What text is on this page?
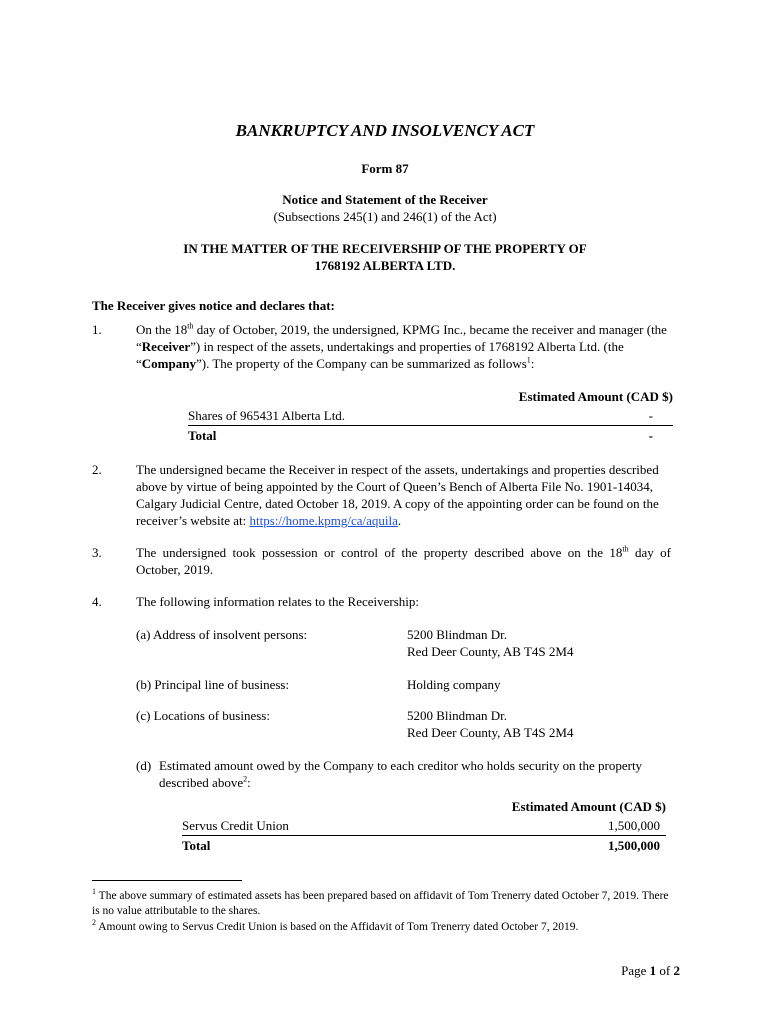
BANKRUPTCY AND INSOLVENCY ACT
Form 87
Notice and Statement of the Receiver
(Subsections 245(1) and 246(1) of the Act)
IN THE MATTER OF THE RECEIVERSHIP OF THE PROPERTY OF
1768192 ALBERTA LTD.
The Receiver gives notice and declares that:
1.	On the 18th day of October, 2019, the undersigned, KPMG Inc., became the receiver and manager (the “Receiver”) in respect of the assets, undertakings and properties of 1768192 Alberta Ltd. (the “Company”). The property of the Company can be summarized as follows$^1$:
	Estimated Amount (CAD $)
Shares of 965431 Alberta Ltd.	-
Total	-
2.	The undersigned became the Receiver in respect of the assets, undertakings and properties described above by virtue of being appointed by the Court of Queen’s Bench of Alberta File No. 1901-14034, Calgary Judicial Centre, dated October 18, 2019. A copy of the appointing order can be found on the receiver’s website at: https://home.kpmg/ca/aquila.
3.	The undersigned took possession or control of the property described above on the 18th day of October, 2019.
4.	The following information relates to the Receivership:
(a) Address of insolvent persons:	5200 Blindman Dr.
Red Deer County, AB T4S 2M4
(b) Principal line of business:	Holding company
(c) Locations of business:	5200 Blindman Dr.
Red Deer County, AB T4S 2M4
(d) Estimated amount owed by the Company to each creditor who holds security on the property described above$^2$:
	Estimated Amount (CAD $)
Servus Credit Union	1,500,000
Total	1,500,000
$^1$ The above summary of estimated assets has been prepared based on affidavit of Tom Trenerry dated October 7, 2019. There is no value attributable to the shares.
$^2$ Amount owing to Servus Credit Union is based on the Affidavit of Tom Trenerry dated October 7, 2019.
Page 1 of 2
